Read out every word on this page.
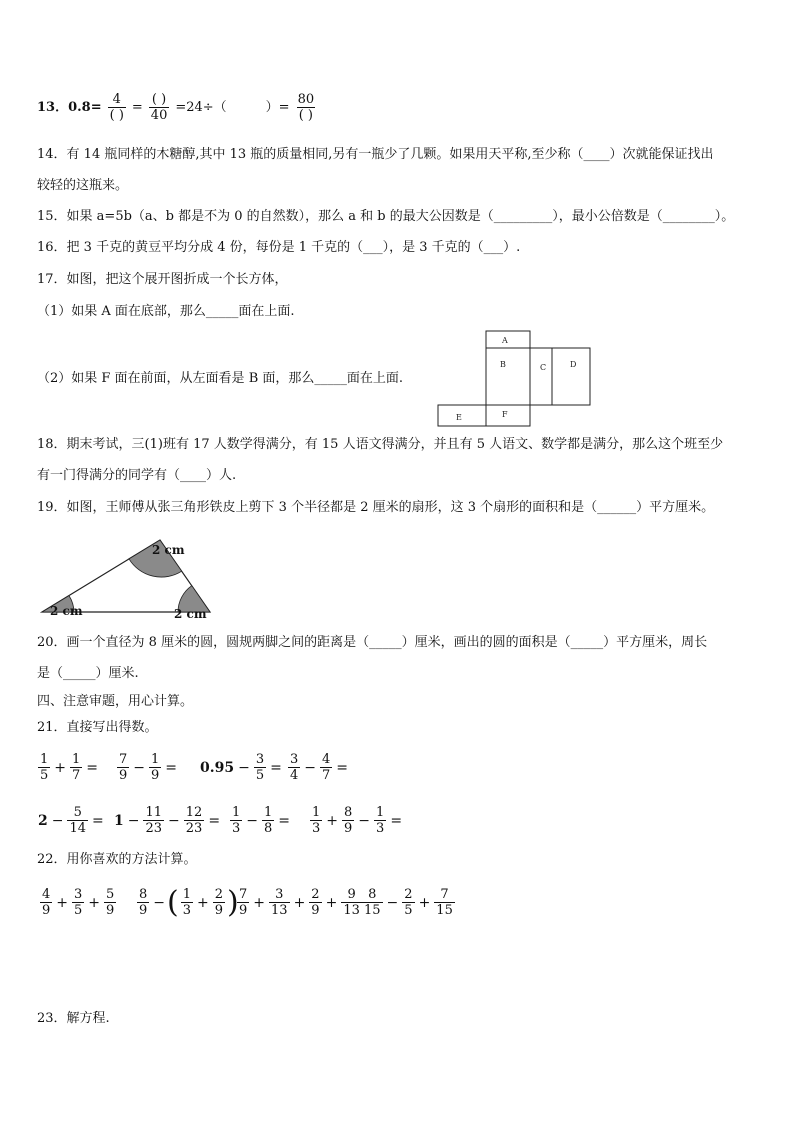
13． 0.8= 4
( )
= ( )
40
=24÷（　　　）= 80
( )
14．有 14 瓶同样的木糖醇,其中 13 瓶的质量相同,另有一瓶少了几颗。如果用天平称,至少称（____）次就能保证找出
较轻的这瓶来。
15．如果 a=5b（a、b 都是不为 0 的自然数），那么 a 和 b 的最大公因数是（_________），最小公倍数是（________）。
16．把 3 千克的黄豆平均分成 4 份，每份是 1 千克的（___），是 3 千克的（___）.
17．如图，把这个展开图折成一个长方体，
（1）如果 A 面在底部，那么_____面在上面.
（2）如果 F 面在前面，从左面看是 B 面，那么_____面在上面.
A
B	C	D
E	F
18．期末考试，三(1)班有 17 人数学得满分，有 15 人语文得满分，并且有 5 人语文、数学都是满分，那么这个班至少
有一门得满分的同学有（____）人.
19．如图，王师傅从张三角形铁皮上剪下 3 个半径都是 2 厘米的扇形，这 3 个扇形的面积和是（______）平方厘米。
2 cm
2 cm	2 cm
20．画一个直径为 8 厘米的圆，圆规两脚之间的距离是（_____）厘米，画出的圆的面积是（_____）平方厘米，周长
是（_____）厘米.
四、注意审题，用心计算。
21．直接写出得数。
1
$5 + \frac{1}{7} = 7$
$9 - \frac{1}{9} = 0.95 - \frac{3}{5} = 3$
$4 - \frac{4}{7}$ =
$2 - \frac{5}{14} = 1 - \frac{11}{23} - \frac{12}{23} = 1$
$3 - \frac{1}{8} = 1$
$3 + \frac{8}{9} - \frac{1}{3}$ =
22．用你喜欢的方法计算。
4
$9 + \frac{3}{5} + \frac{5}{9} 8$
9 − ( 1
$3 + \frac{2}{9}$ ) 7
$9 + \frac{3}{13} + \frac{2}{9} + \frac{9}{13} 8$
$15 - \frac{2}{5} + \frac{7}{15}$
23．解方程.
